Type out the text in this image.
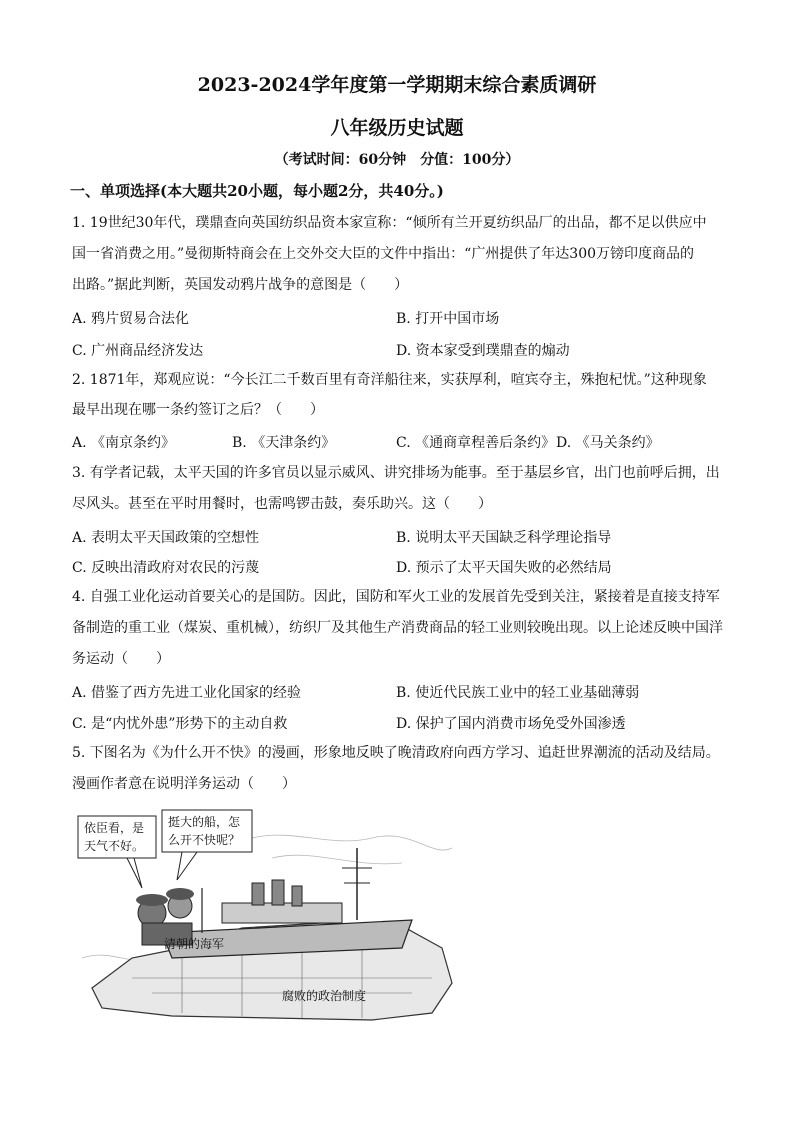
2023-2024学年度第一学期期末综合素质调研
八年级历史试题
（考试时间：60分钟　分值：100分）
一、单项选择(本大题共20小题，每小题2分，共40分。)
1. 19世纪30年代，璞鼎查向英国纺织品资本家宣称：“倾所有兰开夏纺织品厂的出品，都不足以供应中
国一省消费之用。”曼彻斯特商会在上交外交大臣的文件中指出：“广州提供了年达300万镑印度商品的
出路。”据此判断，英国发动鸦片战争的意图是（　　）
A. 鸦片贸易合法化	B. 打开中国市场
C. 广州商品经济发达	D. 资本家受到璞鼎查的煽动
2. 1871年，郑观应说：“今长江二千数百里有奇洋船往来，实获厚利，喧宾夺主，殊抱杞忧。”这种现象
最早出现在哪一条约签订之后？（　　）
A. 《南京条约》	B. 《天津条约》	C. 《通商章程善后条约》 D. 《马关条约》
3. 有学者记载，太平天国的许多官员以显示威风、讲究排场为能事。至于基层乡官，出门也前呼后拥，出
尽风头。甚至在平时用餐时，也需鸣锣击鼓，奏乐助兴。这（　　）
A. 表明太平天国政策的空想性	B. 说明太平天国缺乏科学理论指导
C. 反映出清政府对农民的污蔑	D. 预示了太平天国失败的必然结局
4. 自强工业化运动首要关心的是国防。因此，国防和军火工业的发展首先受到关注，紧接着是直接支持军
备制造的重工业（煤炭、重机械），纺织厂及其他生产消费商品的轻工业则较晚出现。以上论述反映中国洋
务运动（　　）
A. 借鉴了西方先进工业化国家的经验	B. 使近代民族工业中的轻工业基础薄弱
C. 是“内忧外患”形势下的主动自救	D. 保护了国内消费市场免受外国渗透
5. 下图名为《为什么开不快》的漫画，形象地反映了晚清政府向西方学习、追赶世界潮流的活动及结局。
漫画作者意在说明洋务运动（　　）
依臣看，是
天气不好。
挺大的船，怎
么开不快呢？
清朝的海军
腐败的政治制度
